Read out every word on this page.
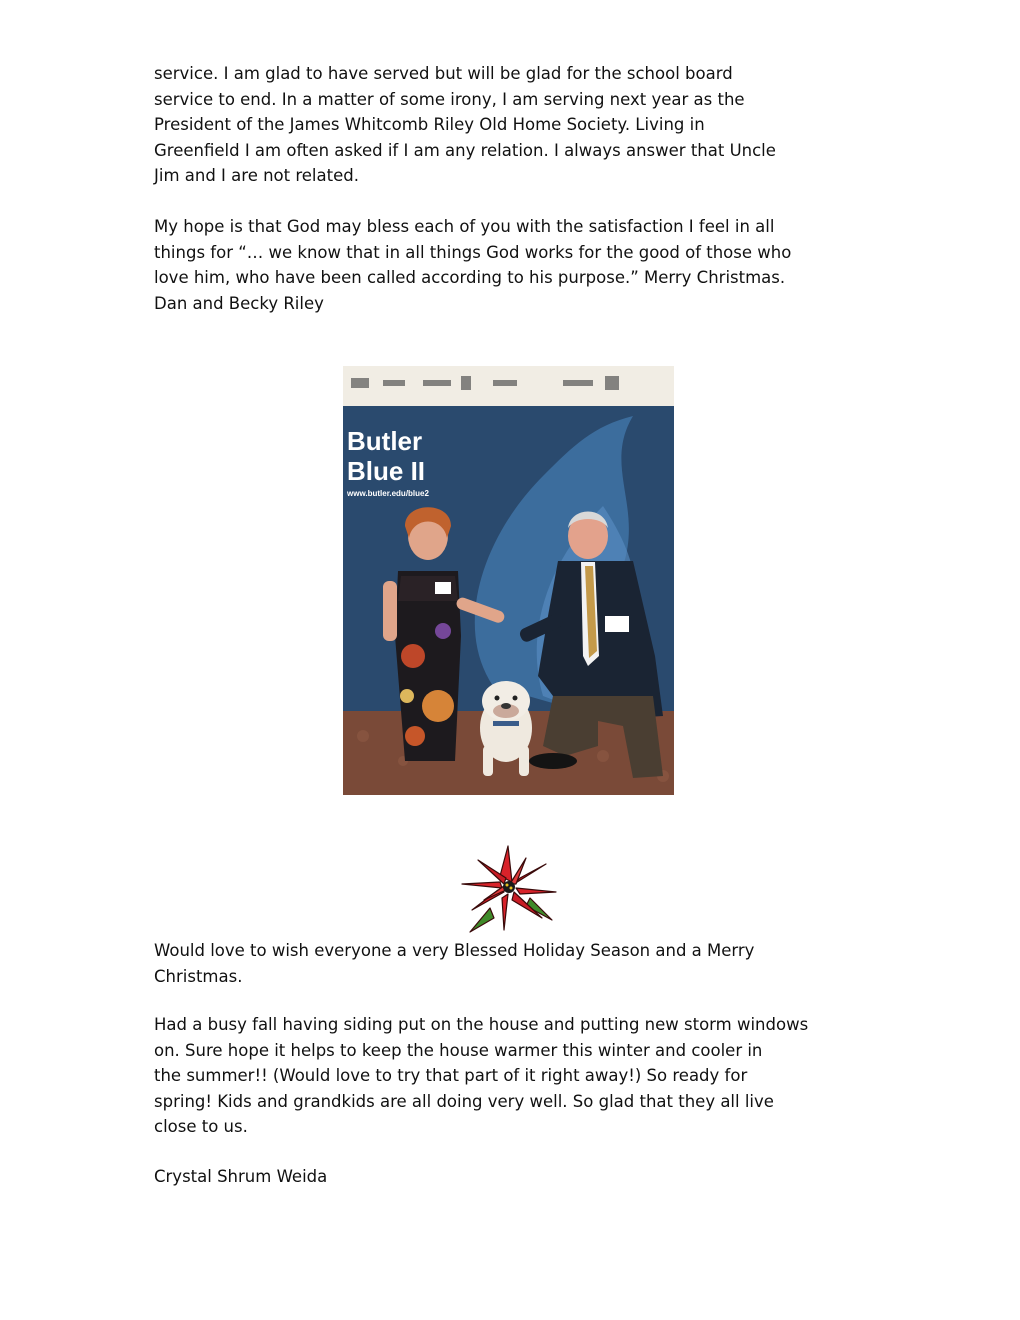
service. I am glad to have served but will be glad for the school board
service to end. In a matter of some irony, I am serving next year as the
President of the James Whitcomb Riley Old Home Society. Living in
Greenfield I am often asked if I am any relation. I always answer that Uncle
Jim and I are not related.

My hope is that God may bless each of you with the satisfaction I feel in all
things for “… we know that in all things God works for the good of those who
love him, who have been called according to his purpose.” Merry Christmas.
Dan and Becky Riley

Butler
Blue II
www.butler.edu/blue2

Would love to wish everyone a very Blessed Holiday Season and a Merry
Christmas.

Had a busy fall having siding put on the house and putting new storm windows
on. Sure hope it helps to keep the house warmer this winter and cooler in
the summer!! (Would love to try that part of it right away!) So ready for
spring! Kids and grandkids are all doing very well. So glad that they all live
close to us.

Crystal Shrum Weida
